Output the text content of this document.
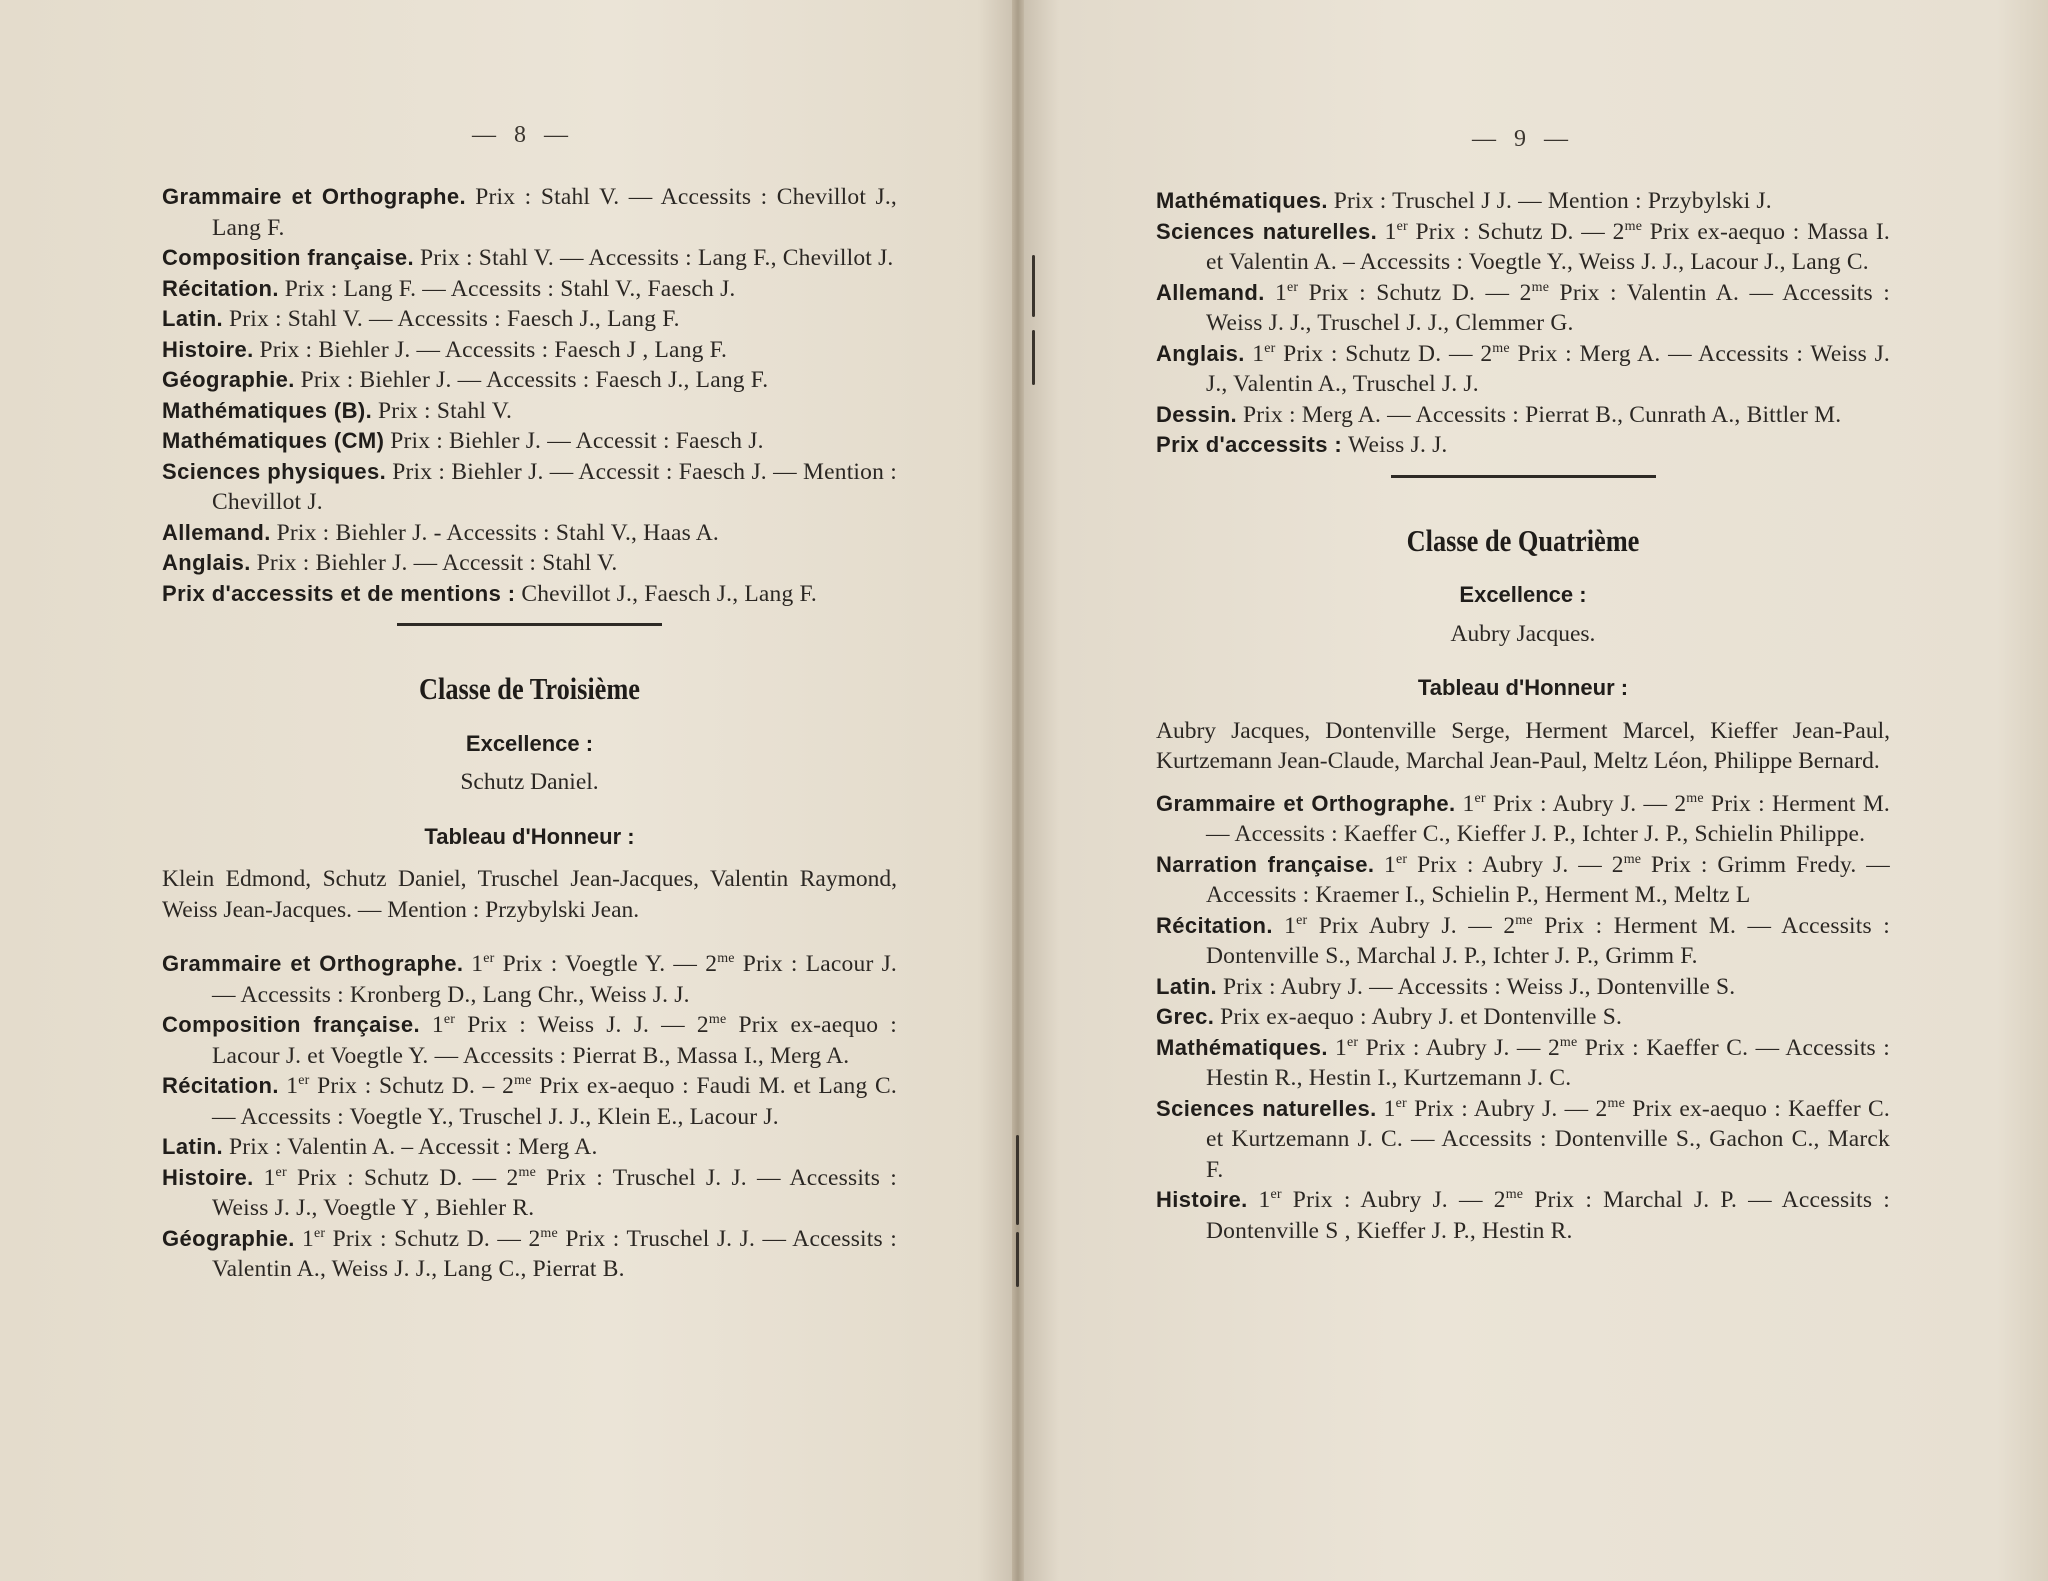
— 8 —

Grammaire et Orthographe. Prix : Stahl V. — Accessits : Chevillot J., Lang F.

Composition française. Prix : Stahl V. — Accessits : Lang F., Chevillot J.

Récitation. Prix : Lang F. — Accessits : Stahl V., Faesch J.

Latin. Prix : Stahl V. — Accessits : Faesch J., Lang F.

Histoire. Prix : Biehler J. — Accessits : Faesch J , Lang F.

Géographie. Prix : Biehler J. — Accessits : Faesch J., Lang F.

Mathématiques (B). Prix : Stahl V.

Mathématiques (CM) Prix : Biehler J. — Accessit : Faesch J.

Sciences physiques. Prix : Biehler J. — Accessit : Faesch J. — Mention : Chevillot J.

Allemand. Prix : Biehler J. - Accessits : Stahl V., Haas A.

Anglais. Prix : Biehler J. — Accessit : Stahl V.

Prix d'accessits et de mentions : Chevillot J., Faesch J., Lang F.

Classe de Troisième
Excellence :
Schutz Daniel.
Tableau d'Honneur :
Klein Edmond, Schutz Daniel, Truschel Jean-Jacques, Valentin Raymond, Weiss Jean-Jacques. — Mention : Przybylski Jean.

Grammaire et Orthographe. 1er Prix : Voegtle Y. — $2^{me}$ Prix : Lacour J. — Accessits : Kronberg D., Lang Chr., Weiss J. J.

Composition française. 1er Prix : Weiss J. J. — $2^{me}$ Prix ex-aequo : Lacour J. et Voegtle Y. — Accessits : Pierrat B., Massa I., Merg A.

Récitation. 1er Prix : Schutz D. – $2^{me}$ Prix ex-aequo : Faudi M. et Lang C. — Accessits : Voegtle Y., Truschel J. J., Klein E., Lacour J.

Latin. Prix : Valentin A. – Accessit : Merg A.

Histoire. 1er Prix : Schutz D. — $2^{me}$ Prix : Truschel J. J. — Accessits : Weiss J. J., Voegtle Y , Biehler R.

Géographie. 1er Prix : Schutz D. — $2^{me}$ Prix : Truschel J. J. — Accessits : Valentin A., Weiss J. J., Lang C., Pierrat B.

— 9 —

Mathématiques. Prix : Truschel J J. — Mention : Przybylski J.

Sciences naturelles. 1er Prix : Schutz D. — $2^{me}$ Prix ex-aequo : Massa I. et Valentin A. – Accessits : Voegtle Y., Weiss J. J., Lacour J., Lang C.

Allemand. 1er Prix : Schutz D. — $2^{me}$ Prix : Valentin A. — Accessits : Weiss J. J., Truschel J. J., Clemmer G.

Anglais. 1er Prix : Schutz D. — $2^{me}$ Prix : Merg A. — Accessits : Weiss J. J., Valentin A., Truschel J. J.

Dessin. Prix : Merg A. — Accessits : Pierrat B., Cunrath A., Bittler M.

Prix d'accessits : Weiss J. J.

Classe de Quatrième
Excellence :
Aubry Jacques.
Tableau d'Honneur :
Aubry Jacques, Dontenville Serge, Herment Marcel, Kieffer Jean-Paul, Kurtzemann Jean-Claude, Marchal Jean-Paul, Meltz Léon, Philippe Bernard.

Grammaire et Orthographe. 1er Prix : Aubry J. — $2^{me}$ Prix : Herment M. — Accessits : Kaeffer C., Kieffer J. P., Ichter J. P., Schielin Philippe.

Narration française. 1er Prix : Aubry J. — $2^{me}$ Prix : Grimm Fredy. — Accessits : Kraemer I., Schielin P., Herment M., Meltz L

Récitation. 1er Prix Aubry J. — $2^{me}$ Prix : Herment M. — Accessits : Dontenville S., Marchal J. P., Ichter J. P., Grimm F.

Latin. Prix : Aubry J. — Accessits : Weiss J., Dontenville S.

Grec. Prix ex-aequo : Aubry J. et Dontenville S.

Mathématiques. 1er Prix : Aubry J. — $2^{me}$ Prix : Kaeffer C. — Accessits : Hestin R., Hestin I., Kurtzemann J. C.

Sciences naturelles. 1er Prix : Aubry J. — $2^{me}$ Prix ex-aequo : Kaeffer C. et Kurtzemann J. C. — Accessits : Dontenville S., Gachon C., Marck F.

Histoire. 1er Prix : Aubry J. — $2^{me}$ Prix : Marchal J. P. — Accessits : Dontenville S , Kieffer J. P., Hestin R.
